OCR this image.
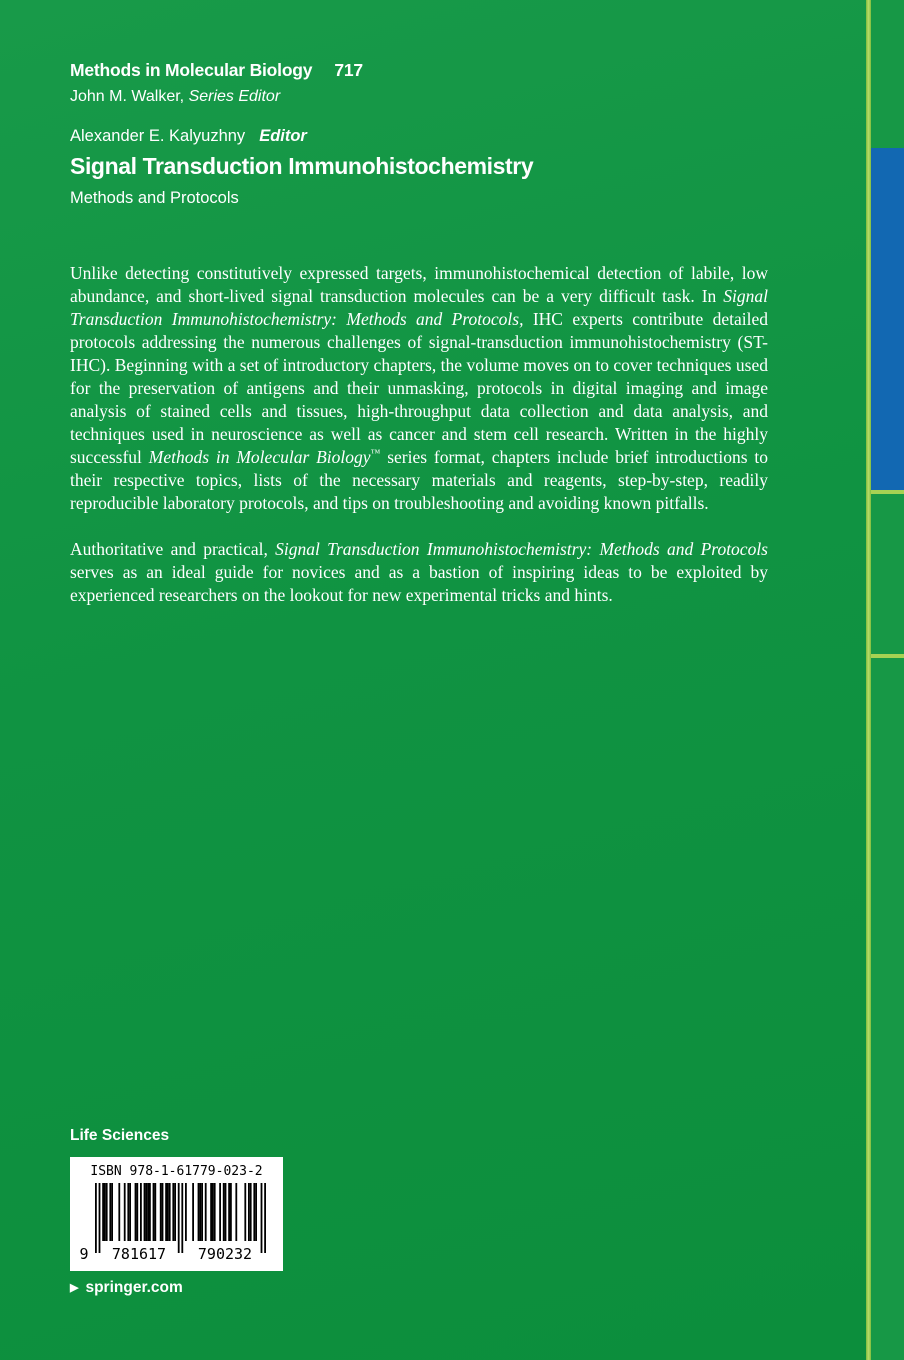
Methods in Molecular Biology 717
John M. Walker, Series Editor
Alexander E. Kalyuzhny Editor
Signal Transduction Immunohistochemistry
Methods and Protocols

Unlike detecting constitutively expressed targets, immunohistochemical detection of labile, low abundance, and short-lived signal transduction molecules can be a very difficult task. In Signal Transduction Immunohistochemistry: Methods and Protocols, IHC experts contribute detailed protocols addressing the numerous challenges of signal-transduction immunohistochemistry (ST-IHC). Beginning with a set of introductory chapters, the volume moves on to cover techniques used for the preservation of antigens and their unmasking, protocols in digital imaging and image analysis of stained cells and tissues, high-throughput data collection and data analysis, and techniques used in neuroscience as well as cancer and stem cell research. Written in the highly successful Methods in Molecular Biology™ series format, chapters include brief introductions to their respective topics, lists of the necessary materials and reagents, step-by-step, readily reproducible laboratory protocols, and tips on troubleshooting and avoiding known pitfalls.

Authoritative and practical, Signal Transduction Immunohistochemistry: Methods and Protocols serves as an ideal guide for novices and as a bastion of inspiring ideas to be exploited by experienced researchers on the lookout for new experimental tricks and hints.

Life Sciences
ISBN 978-1-61779-023-2
9	781617	790232
▶ springer.com
